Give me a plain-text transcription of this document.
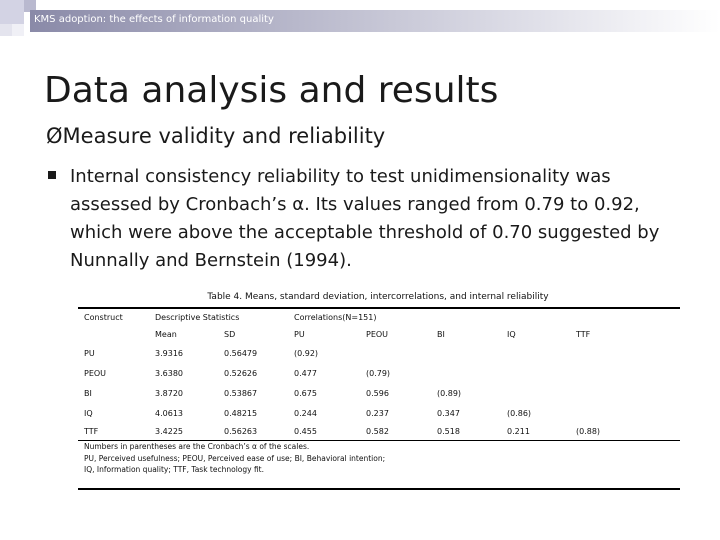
KMS adoption: the effects of information quality
Data analysis and results
ØMeasure validity and reliability
Internal consistency reliability to test unidimensionality was assessed by Cronbach’s α. Its values ranged from 0.79 to 0.92, which were above the acceptable threshold of 0.70 suggested by Nunnally and Bernstein (1994).
Table 4. Means, standard deviation, intercorrelations, and internal reliability
Construct	Descriptive Statistics	Correlations(N=151)
Mean	SD	PU	PEOU	BI	IQ	TTF
PU	3.9316	0.56479	(0.92)
PEOU	3.6380	0.52626	0.477	(0.79)
BI	3.8720	0.53867	0.675	0.596	(0.89)
IQ	4.0613	0.48215	0.244	0.237	0.347	(0.86)
TTF	3.4225	0.56263	0.455	0.582	0.518	0.211	(0.88)
Numbers in parentheses are the Cronbach’s α of the scales.
PU, Perceived usefulness; PEOU, Perceived ease of use; BI, Behavioral intention;
IQ, Information quality; TTF, Task technology fit.
